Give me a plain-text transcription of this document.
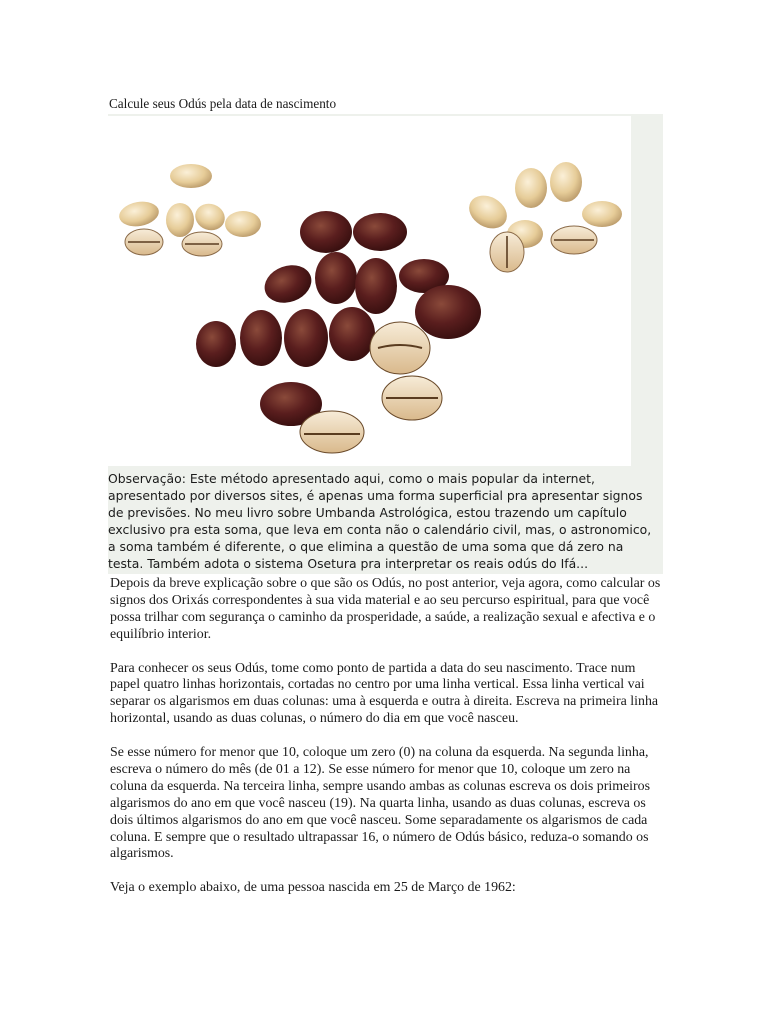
Calcule seus Odús pela data de nascimento
Observação: Este método apresentado aqui, como o mais popular da internet, apresentado por diversos sites, é apenas uma forma superficial pra apresentar signos de previsões. No meu livro sobre Umbanda Astrológica, estou trazendo um capítulo exclusivo pra esta soma, que leva em conta não o calendário civil, mas, o astronomico, a soma também é diferente, o que elimina a questão de uma soma que dá zero na testa. Também adota o sistema Osetura pra interpretar os reais odús do Ifá...

Depois da breve explicação sobre o que são os Odús, no post anterior, veja agora, como calcular os signos dos Orixás correspondentes à sua vida material e ao seu percurso espiritual, para que você possa trilhar com segurança o caminho da prosperidade, a saúde, a realização sexual e afectiva e o equilíbrio interior.

Para conhecer os seus Odús, tome como ponto de partida a data do seu nascimento. Trace num papel quatro linhas horizontais, cortadas no centro por uma linha vertical. Essa linha vertical vai separar os algarismos em duas colunas: uma à esquerda e outra à direita. Escreva na primeira linha horizontal, usando as duas colunas, o número do dia em que você nasceu.

Se esse número for menor que 10, coloque um zero (0) na coluna da esquerda. Na segunda linha, escreva o número do mês (de 01 a 12). Se esse número for menor que 10, coloque um zero na coluna da esquerda. Na terceira linha, sempre usando ambas as colunas escreva os dois primeiros algarismos do ano em que você nasceu (19). Na quarta linha, usando as duas colunas, escreva os dois últimos algarismos do ano em que você nasceu. Some separadamente os algarismos de cada coluna. E sempre que o resultado ultrapassar 16, o número de Odús básico, reduza-o somando os algarismos.

Veja o exemplo abaixo, de uma pessoa nascida em 25 de Março de 1962:
